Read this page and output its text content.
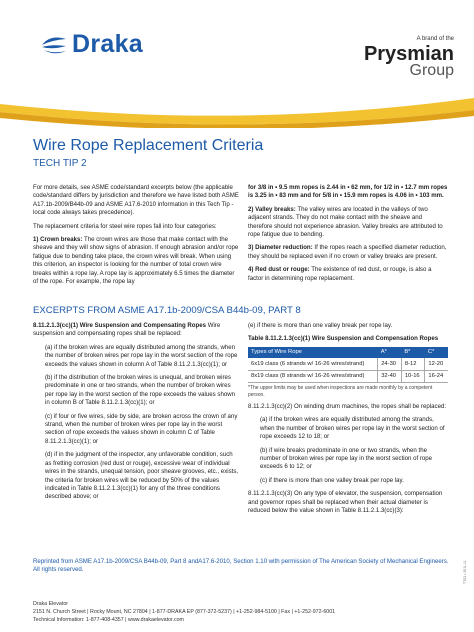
Draka	A brand of the
Prysmian
Group
Wire Rope Replacement Criteria
TECH TIP 2

For more details, see ASME code/standard excerpts below (the applicable code/standard differs by jurisdiction and therefore we have listed both ASME A17.1b-2009/B44b-09 and ASME A17.6-2010 information in this Tech Tip - local code always takes precedence).

The replacement criteria for steel wire ropes fall into four categories:

1) Crown breaks: The crown wires are those that make contact with the sheave and they will show signs of abrasion. If enough abrasion and/or rope fatigue due to bending take place, the crown wires will break. When using this criterion, an inspector is looking for the number of total crown wire breaks within a rope lay. A rope lay is approximately 6.5 times the diameter of the rope. For example, the rope lay

for 3/8 in • 9.5 mm ropes is 2.44 in • 62 mm, for 1/2 in • 12.7 mm ropes is 3.25 in • 83 mm and for 5/8 in • 15.9 mm ropes is 4.06 in • 103 mm.

2) Valley breaks: The valley wires are located in the valleys of two adjacent strands. They do not make contact with the sheave and therefore should not experience abrasion. Valley breaks are attributed to rope fatigue due to bending.

3) Diameter reduction: If the ropes reach a specified diameter reduction, they should be replaced even if no crown or valley breaks are present.

4) Red dust or rouge: The existence of red dust, or rouge, is also a factor in determining rope replacement.

EXCERPTS FROM ASME A17.1b-2009/CSA B44b-09, PART 8

8.11.2.1.3(cc)(1) Wire Suspension and Compensating Ropes Wire suspension and compensating ropes shall be replaced:

(a) if the broken wires are equally distributed among the strands, when the number of broken wires per rope lay in the worst section of the rope exceeds the values shown in column A of Table 8.11.2.1.3(cc)(1); or

(b) if the distribution of the broken wires is unequal, and broken wires predominate in one or two strands, when the number of broken wires per rope lay in the worst section of the rope exceeds the values shown in column B of Table 8.11.2.1.3(cc)(1); or

(c) if four or five wires, side by side, are broken across the crown of any strand, when the number of broken wires per rope lay in the worst section of rope exceeds the values shown in column C of Table 8.11.2.1.3(cc)(1); or

(d) if in the judgment of the inspector, any unfavorable condition, such as fretting corrosion (red dust or rouge), excessive wear of individual wires in the strands, unequal tension, poor sheave grooves, etc., exists, the criteria for broken wires will be reduced by 50% of the values indicated in Table 8.11.2.1.3(cc)(1) for any of the three conditions described above; or

(e) if there is more than one valley break per rope lay.

Table 8.11.2.1.3(cc)(1) Wire Suspension and Compensation Ropes
Types of Wire Rope	A*	B*	C*
6x19 class (6 strands w/ 16-26 wires/strand)	24-30	8-12	12-20
8x19 class (8 strands w/ 16-26 wires/strand)	32-40	10-16	16-24

*The upper limits may be used when inspections are made monthly by a competent person.

8.11.2.1.3(cc)(2) On winding drum machines, the ropes shall be replaced:

(a) if the broken wires are equally distributed among the strands, when the number of broken wires per rope lay in the worst section of rope exceeds 12 to 18; or

(b) if wire breaks predominate in one or two strands, when the number of broken wires per rope lay in the worst section of rope exceeds 6 to 12; or

(c) if there is more than one valley break per rope lay.

8.11.2.1.3(cc)(3) On any type of elevator, the suspension, compensation and governor ropes shall be replaced when their actual diameter is reduced below the value shown in Table 8.11.2.1.3(cc)(3):

Reprinted from ASME A17.1b-2009/CSA B44b-09, Part 8 andA17.6-2010, Section 1.10 with permission of The American Society of Mechanical Engineers. All rights reserved.
Draka Elevator
2151 N. Church Street | Rocky Mount, NC 27804 | 1-877-DRAKA EP (877-372-5237) | +1-252-984-5100 | Fax | +1-252-972-6001
Technical Information: 1-877-408-4357 | www.drakaelevator.com
TT02 • 2011-11
